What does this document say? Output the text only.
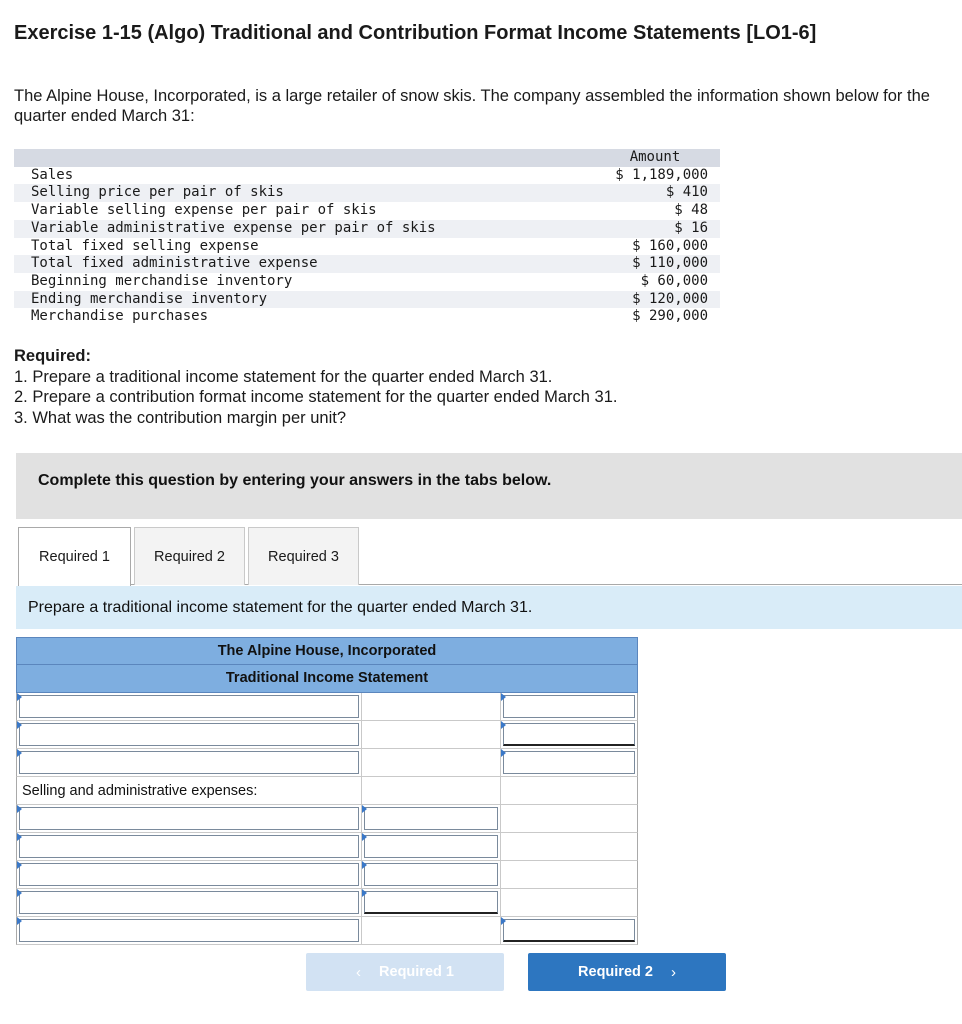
Exercise 1-15 (Algo) Traditional and Contribution Format Income Statements [LO1-6]
The Alpine House, Incorporated, is a large retailer of snow skis. The company assembled the information shown below for the quarter ended March 31:
	Amount
Sales	$ 1,189,000
Selling price per pair of skis	$ 410
Variable selling expense per pair of skis	$ 48
Variable administrative expense per pair of skis	$ 16
Total fixed selling expense	$ 160,000
Total fixed administrative expense	$ 110,000
Beginning merchandise inventory	$ 60,000
Ending merchandise inventory	$ 120,000
Merchandise purchases	$ 290,000
Required:
1. Prepare a traditional income statement for the quarter ended March 31.
2. Prepare a contribution format income statement for the quarter ended March 31.
3. What was the contribution margin per unit?
Complete this question by entering your answers in the tabs below.
Required 1	Required 2	Required 3
Prepare a traditional income statement for the quarter ended March 31.
The Alpine House, Incorporated
Traditional Income Statement
Selling and administrative expenses:
‹ Required 1	Required 2 ›
